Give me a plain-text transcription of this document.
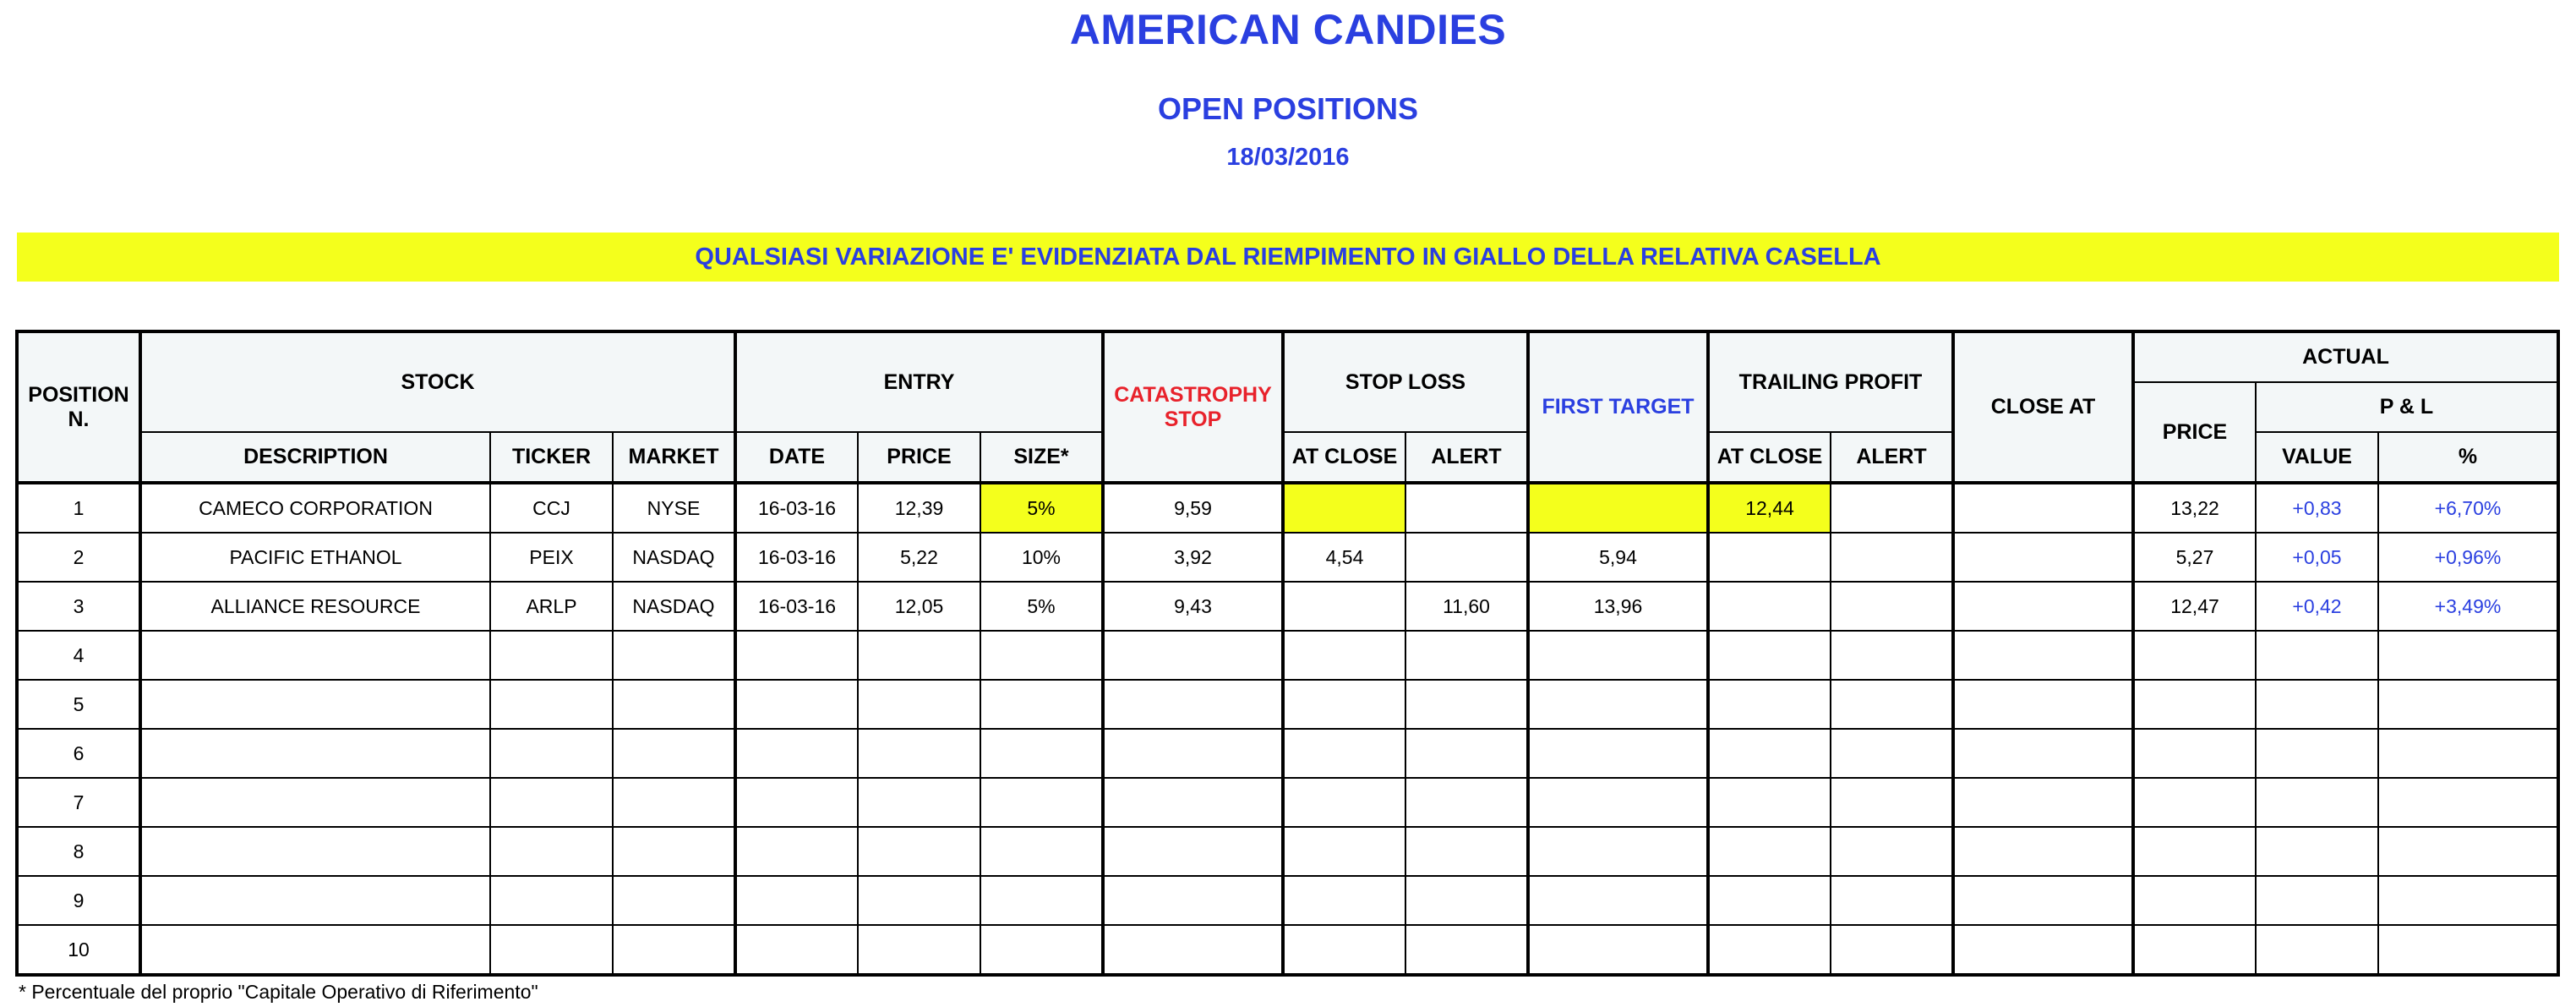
AMERICAN CANDIES
OPEN POSITIONS
18/03/2016
QUALSIASI VARIAZIONE E' EVIDENZIATA DAL RIEMPIMENTO IN GIALLO DELLA RELATIVA CASELLA
POSITION N.	STOCK			ENTRY			CATASTROPHY STOP	STOP LOSS		FIRST TARGET	TRAILING PROFIT		CLOSE AT	ACTUAL		
														PRICE	P & L	
	DESCRIPTION	TICKER	MARKET	DATE	PRICE	SIZE*		AT CLOSE	ALERT		AT CLOSE	ALERT			VALUE	%
1	CAMECO CORPORATION	CCJ	NYSE	16-03-16	12,39	5%	9,59				12,44			13,22	+0,83	+6,70%
2	PACIFIC ETHANOL	PEIX	NASDAQ	16-03-16	5,22	10%	3,92	4,54		5,94				5,27	+0,05	+0,96%
3	ALLIANCE RESOURCE	ARLP	NASDAQ	16-03-16	12,05	5%	9,43		11,60	13,96				12,47	+0,42	+3,49%
4																
5																
6																
7																
8																
9																
10																
* Percentuale del proprio "Capitale Operativo di Riferimento"
